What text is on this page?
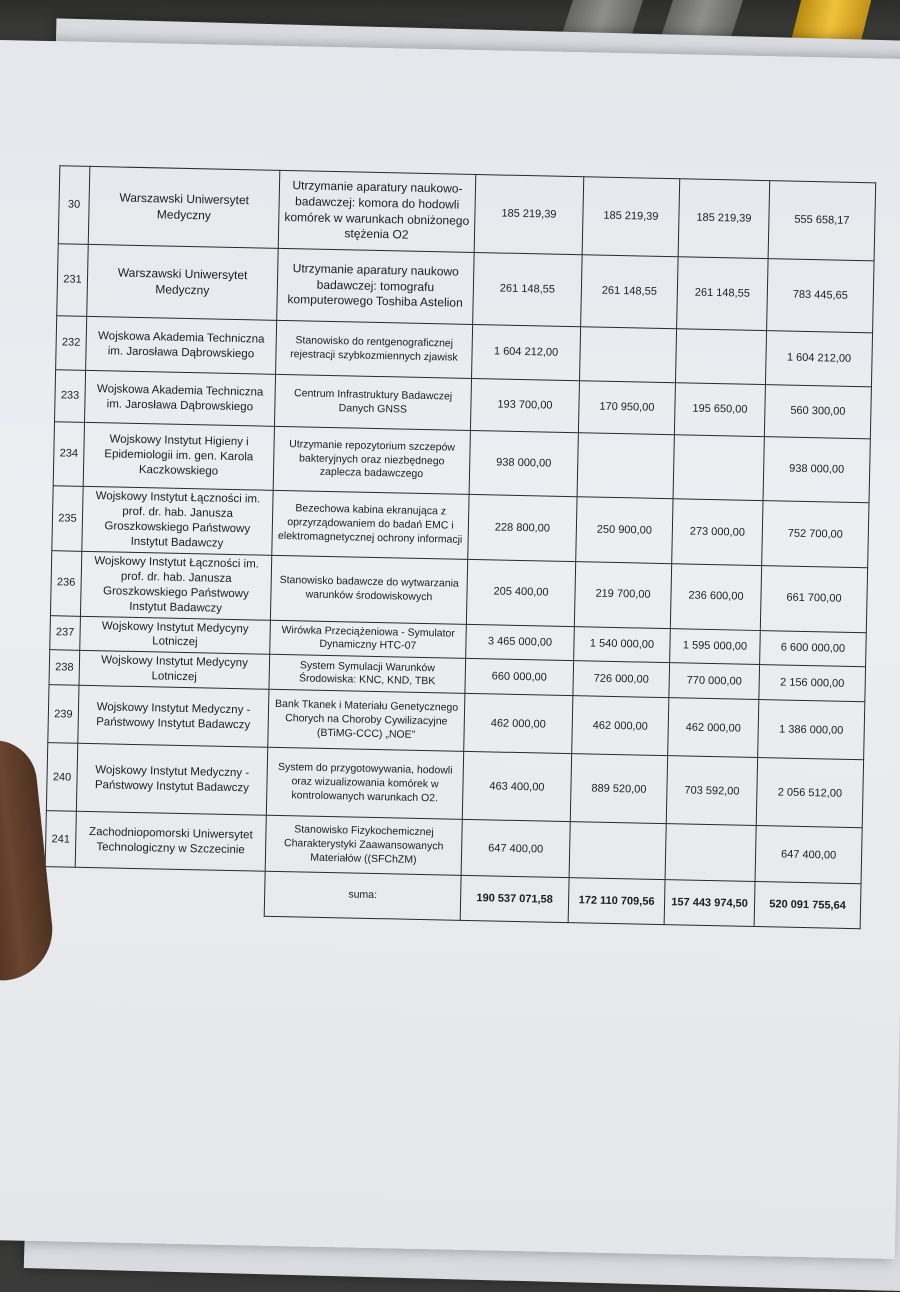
30	Warszawski Uniwersytet Medyczny	Utrzymanie aparatury naukowo-badawczej: komora do hodowli komórek w warunkach obniżonego stężenia O2	185 219,39	185 219,39	185 219,39	555 658,17
231	Warszawski Uniwersytet Medyczny	Utrzymanie aparatury naukowo badawczej: tomografu komputerowego Toshiba Astelion	261 148,55	261 148,55	261 148,55	783 445,65
232	Wojskowa Akademia Techniczna im. Jarosława Dąbrowskiego	Stanowisko do rentgenograficznej rejestracji szybkozmiennych zjawisk	1 604 212,00			1 604 212,00
233	Wojskowa Akademia Techniczna im. Jarosława Dąbrowskiego	Centrum Infrastruktury Badawczej Danych GNSS	193 700,00	170 950,00	195 650,00	560 300,00
234	Wojskowy Instytut Higieny i Epidemiologii im. gen. Karola Kaczkowskiego	Utrzymanie repozytorium szczepów bakteryjnych oraz niezbędnego zaplecza badawczego	938 000,00			938 000,00
235	Wojskowy Instytut Łączności im. prof. dr. hab. Janusza Groszkowskiego Państwowy Instytut Badawczy	Bezechowa kabina ekranująca z oprzyrządowaniem do badań EMC i elektromagnetycznej ochrony informacji	228 800,00	250 900,00	273 000,00	752 700,00
236	Wojskowy Instytut Łączności im. prof. dr. hab. Janusza Groszkowskiego Państwowy Instytut Badawczy	Stanowisko badawcze do wytwarzania warunków środowiskowych	205 400,00	219 700,00	236 600,00	661 700,00
237	Wojskowy Instytut Medycyny Lotniczej	Wirówka Przeciążeniowa - Symulator Dynamiczny HTC-07	3 465 000,00	1 540 000,00	1 595 000,00	6 600 000,00
238	Wojskowy Instytut Medycyny Lotniczej	System Symulacji Warunków Środowiska: KNC, KND, TBK	660 000,00	726 000,00	770 000,00	2 156 000,00
239	Wojskowy Instytut Medyczny - Państwowy Instytut Badawczy	Bank Tkanek i Materiału Genetycznego Chorych na Choroby Cywilizacyjne (BTiMG-CCC) „NOE”	462 000,00	462 000,00	462 000,00	1 386 000,00
240	Wojskowy Instytut Medyczny - Państwowy Instytut Badawczy	System do przygotowywania, hodowli oraz wizualizowania komórek w kontrolowanych warunkach O2.	463 400,00	889 520,00	703 592,00	2 056 512,00
241	Zachodniopomorski Uniwersytet Technologiczny w Szczecinie	Stanowisko Fizykochemicznej Charakterystyki Zaawansowanych Materiałów ((SFChZM)	647 400,00			647 400,00
		suma:	190 537 071,58	172 110 709,56	157 443 974,50	520 091 755,64
